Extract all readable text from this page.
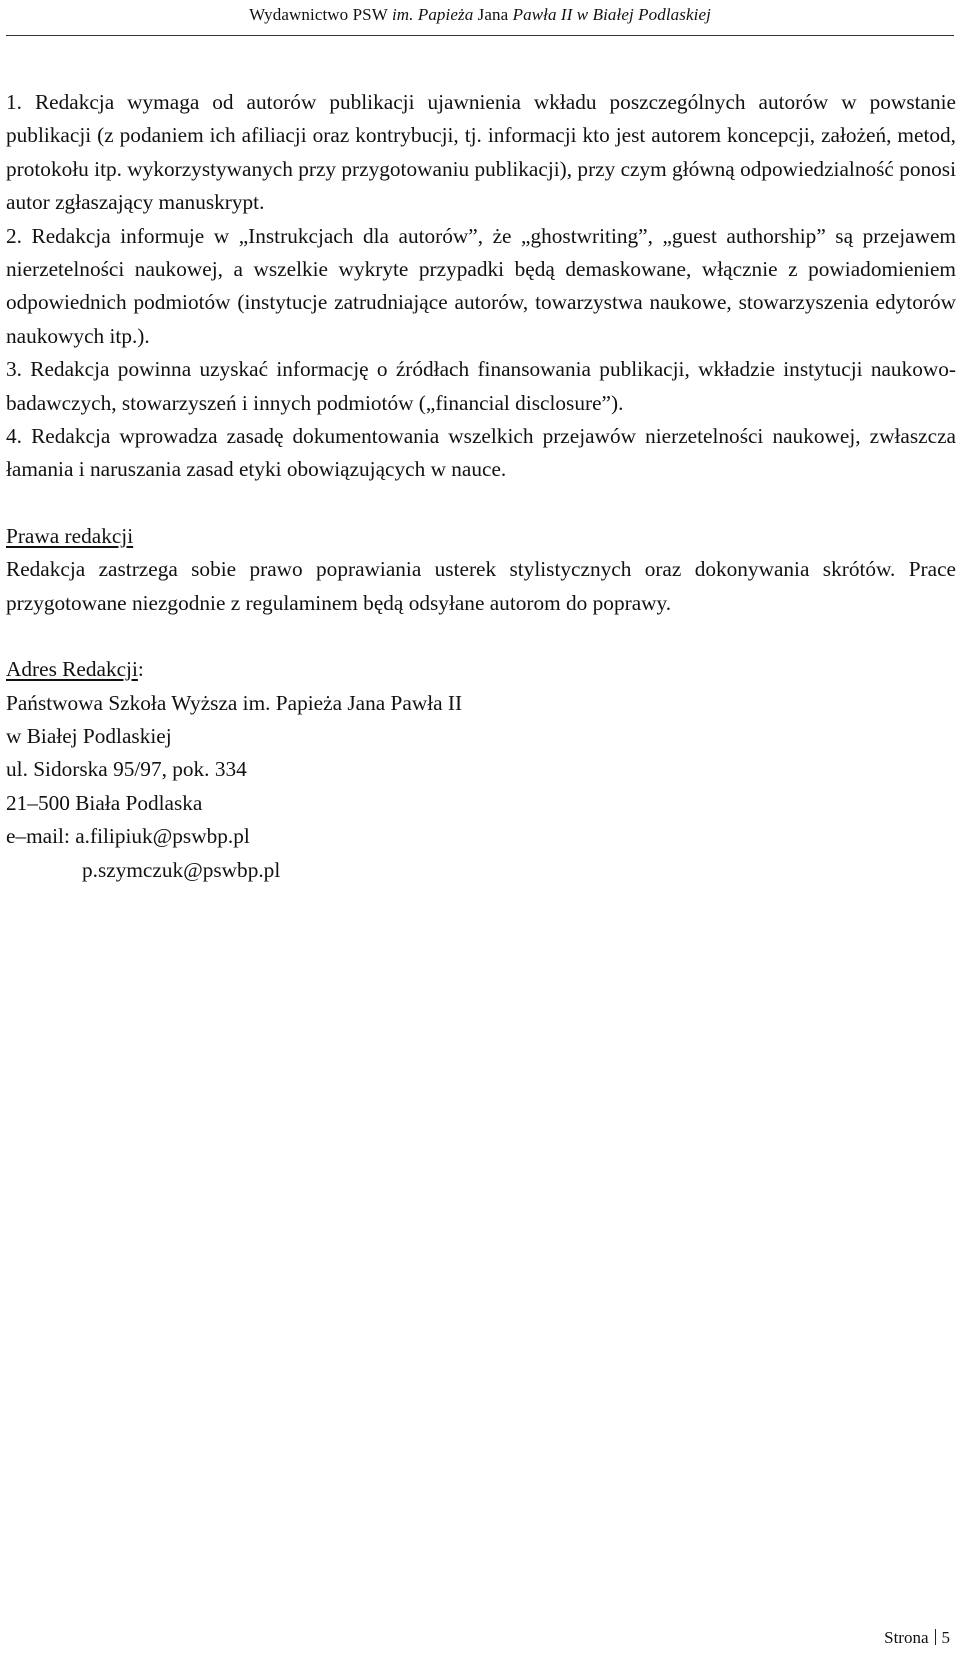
Wydawnictwo PSW im. Papieża Jana Pawła II w Białej Podlaskiej

1. Redakcja wymaga od autorów publikacji ujawnienia wkładu poszczególnych autorów w powstanie publikacji (z podaniem ich afiliacji oraz kontrybucji, tj. informacji kto jest autorem koncepcji, założeń, metod, protokołu itp. wykorzystywanych przy przygotowaniu publikacji), przy czym główną odpowiedzialność ponosi autor zgłaszający manuskrypt.

2. Redakcja informuje w „Instrukcjach dla autorów”, że „ghostwriting”, „guest authorship” są przejawem nierzetelności naukowej, a wszelkie wykryte przypadki będą demaskowane, włącznie z powiadomieniem odpowiednich podmiotów (instytucje zatrudniające autorów, towarzystwa naukowe, stowarzyszenia edytorów naukowych itp.).

3. Redakcja powinna uzyskać informację o źródłach finansowania publikacji, wkładzie instytucji naukowo-badawczych, stowarzyszeń i innych podmiotów („financial disclosure”).

4. Redakcja wprowadza zasadę dokumentowania wszelkich przejawów nierzetelności naukowej, zwłaszcza łamania i naruszania zasad etyki obowiązujących w nauce.

Prawa redakcji

Redakcja zastrzega sobie prawo poprawiania usterek stylistycznych oraz dokonywania skrótów. Prace przygotowane niezgodnie z regulaminem będą odsyłane autorom do poprawy.

Adres Redakcji:

Państwowa Szkoła Wyższa im. Papieża Jana Pawła II

w Białej Podlaskiej

ul. Sidorska 95/97, pok. 334

21–500 Biała Podlaska

e–mail: a.filipiuk@pswbp.pl

p.szymczuk@pswbp.pl

Strona 5
